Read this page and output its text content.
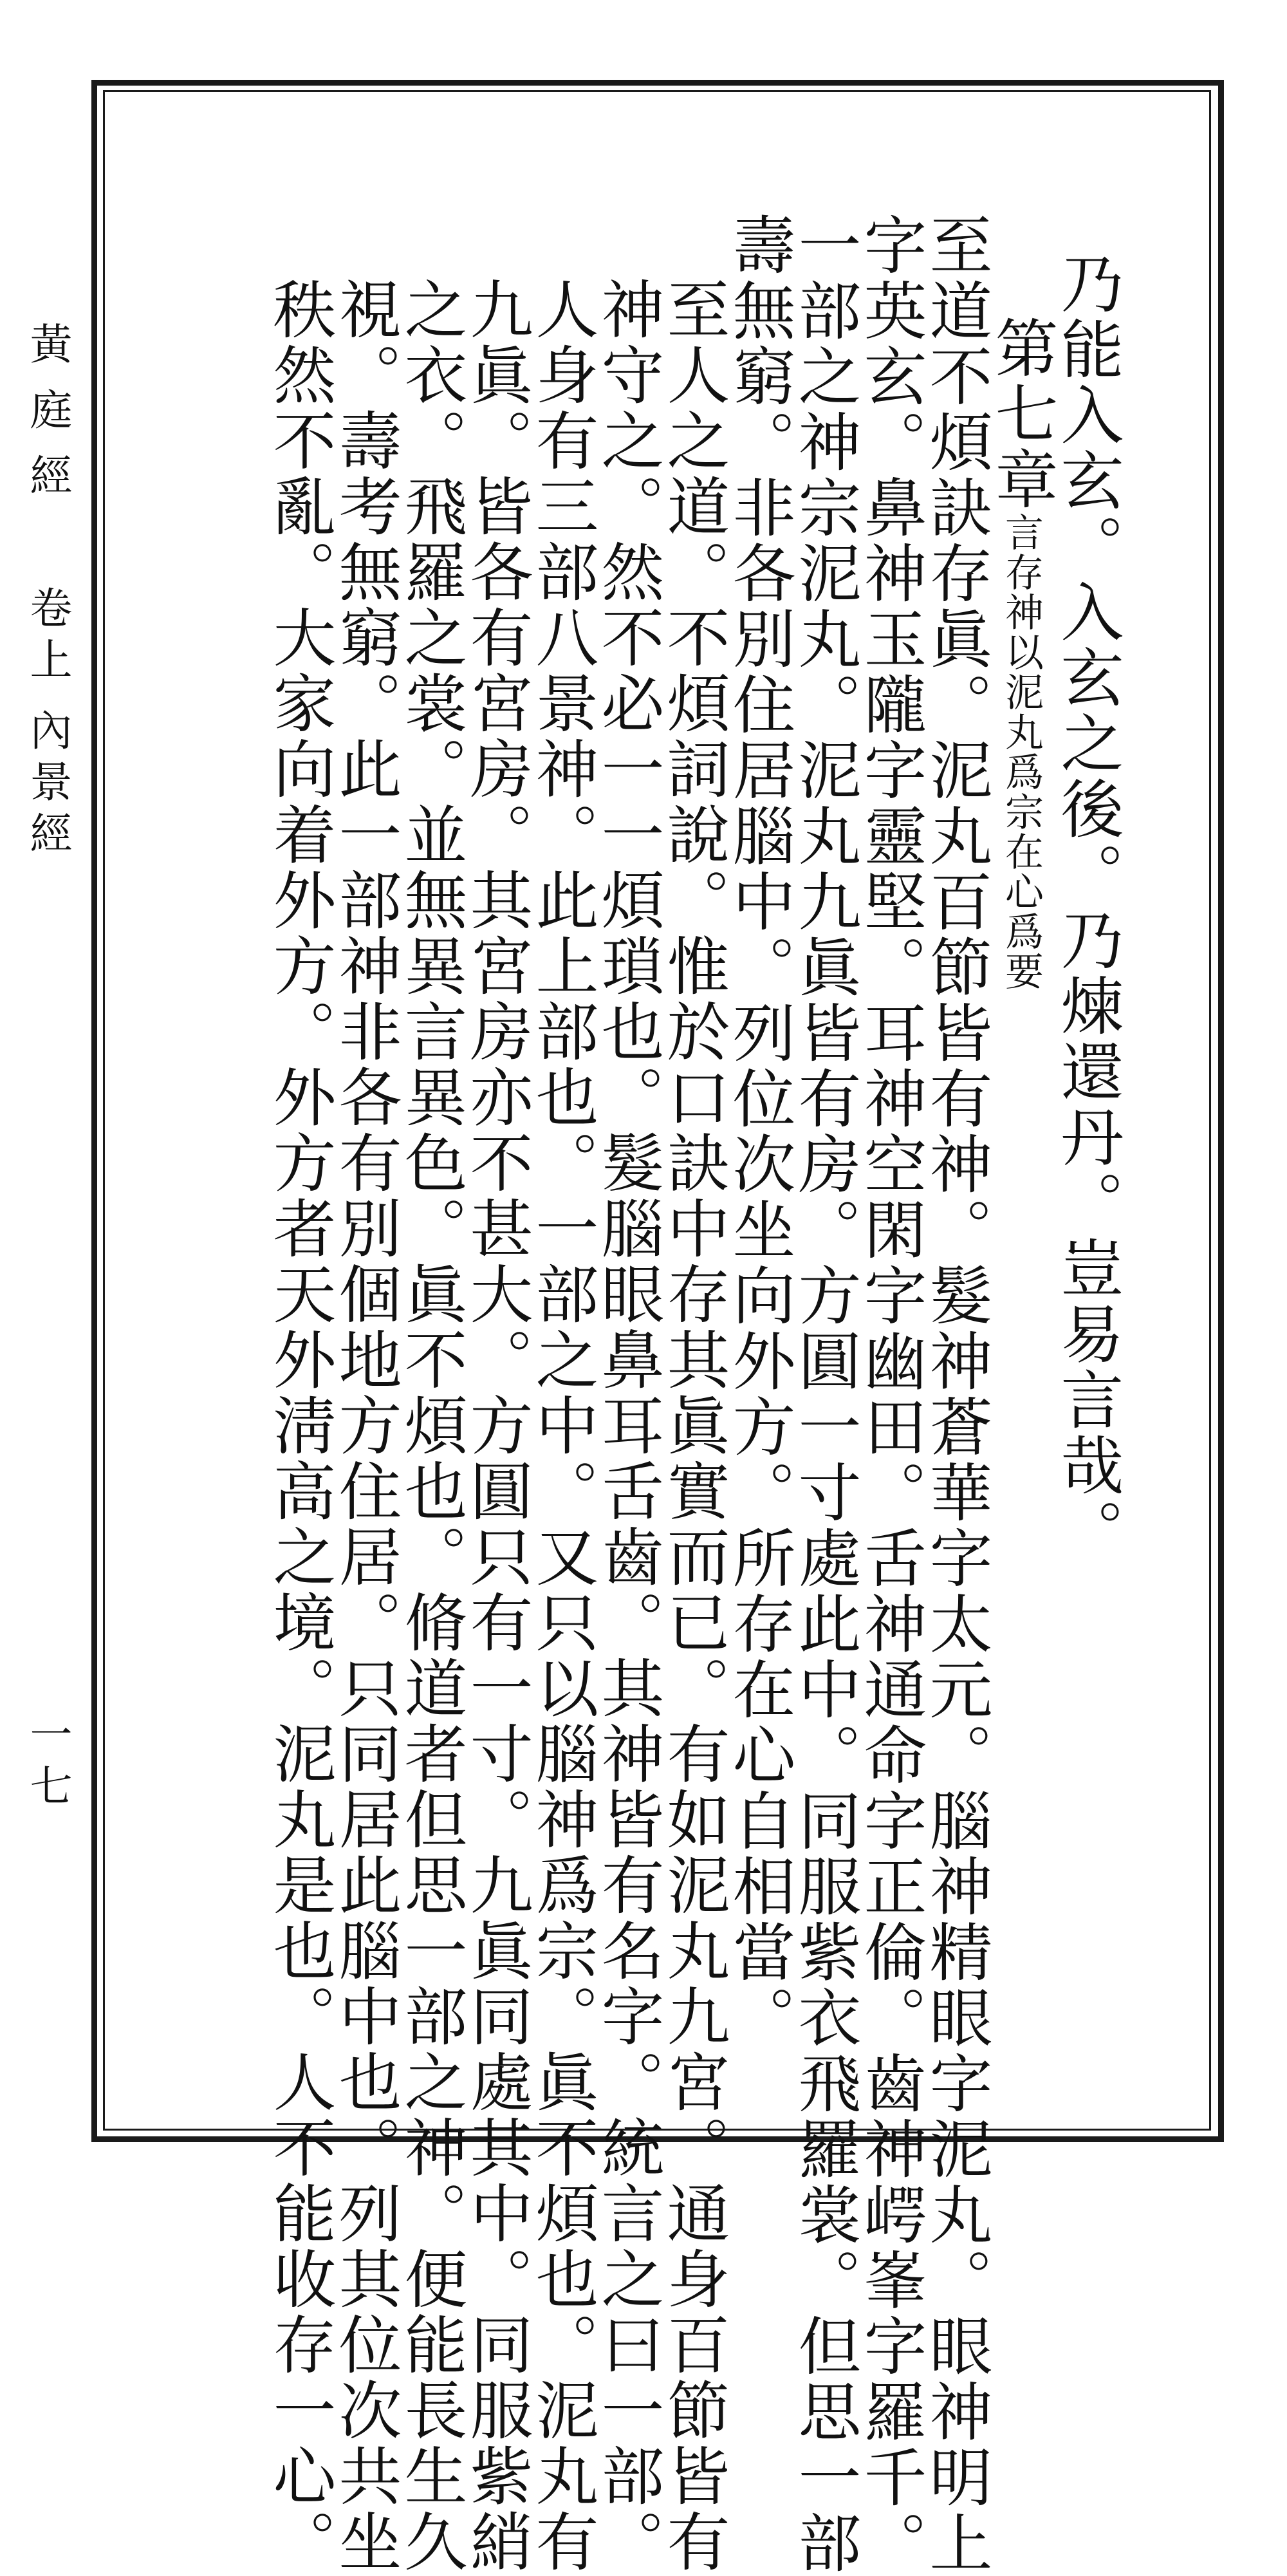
黃庭經
卷上
內景經
一七
乃能入玄。入玄之後。乃煉還丹。豈易言哉。
第七章言存神以泥丸爲宗在心爲要
至道不煩訣存眞。泥丸百節皆有神。髮神蒼華字太元。腦神精眼字泥丸。眼神明上
字英玄。鼻神玉隴字靈堅。耳神空閑字幽田。舌神通命字正倫。齒神崿峯字羅千。
一部之神宗泥丸。泥丸九眞皆有房。方圓一寸處此中。同服紫衣飛羅裳。但思一部
壽無窮。非各別住居腦中。列位次坐向外方。所存在心自相當。
至人之道。不煩詞說。惟於口訣中存其眞實而已。有如泥丸九宮。通身百節皆有
神守之。然不必一一煩瑣也。髮腦眼鼻耳舌齒。其神皆有名字。統言之曰一部。
人身有三部八景神。此上部也。一部之中。又只以腦神爲宗。眞不煩也。泥丸有
九眞。皆各有宮房。其宮房亦不甚大。方圓只有一寸。九眞同處其中。同服紫綃
之衣。飛羅之裳。並無異言異色。眞不煩也。脩道者但思一部之神。便能長生久
視。壽考無窮。此一部神非各有別個地方住居。只同居此腦中也。列其位次共坐
秩然不亂。大家向着外方。外方者天外淸高之境。泥丸是也。人不能收存一心。
